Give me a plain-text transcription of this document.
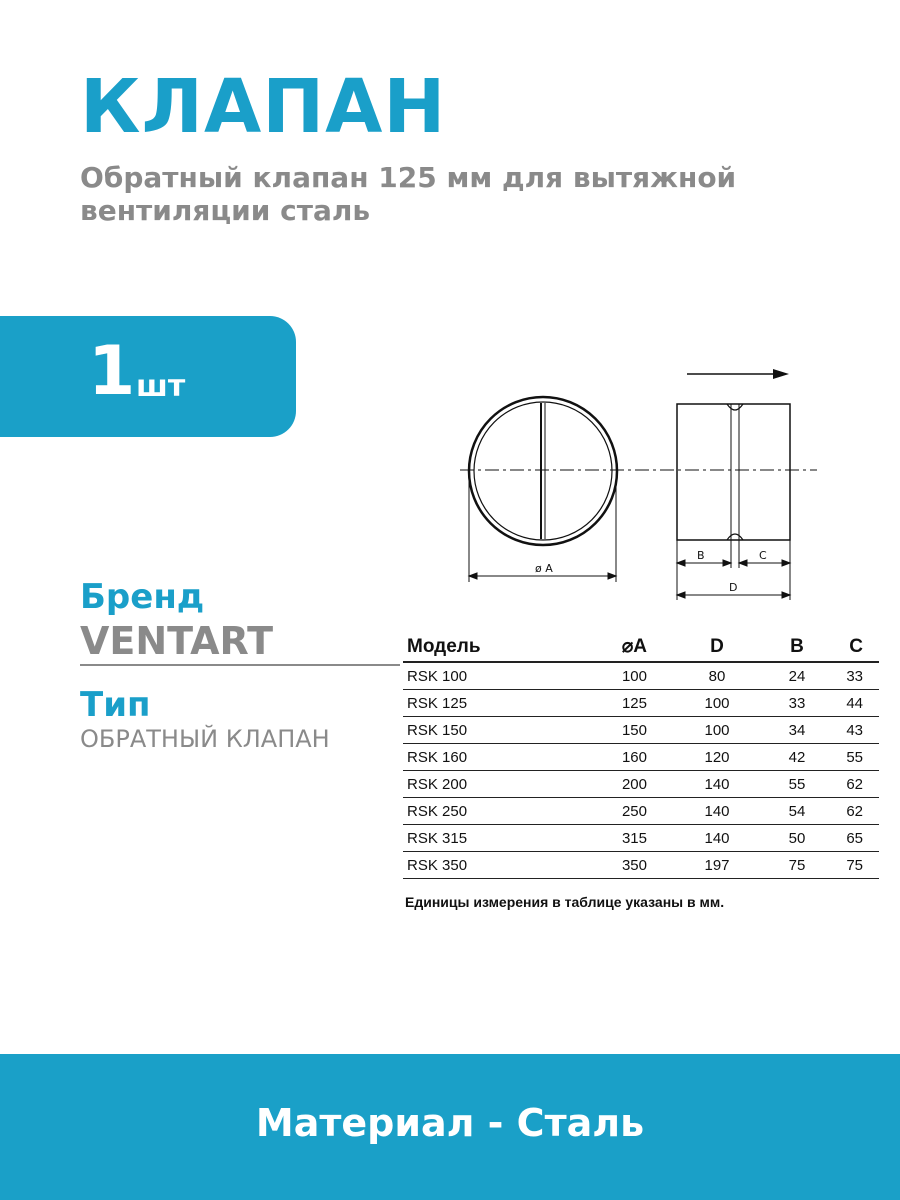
КЛАПАН
Обратный клапан 125 мм для вытяжной вентиляции сталь
1 шт
Бренд
VENTART
Тип
ОБРАТНЫЙ КЛАПАН
ø A
B	C
D
Модель	⌀A	D	B	C
RSK 100	100	80	24	33
RSK 125	125	100	33	44
RSK 150	150	100	34	43
RSK 160	160	120	42	55
RSK 200	200	140	55	62
RSK 250	250	140	54	62
RSK 315	315	140	50	65
RSK 350	350	197	75	75
Единицы измерения в таблице указаны в мм.
Материал - Сталь
